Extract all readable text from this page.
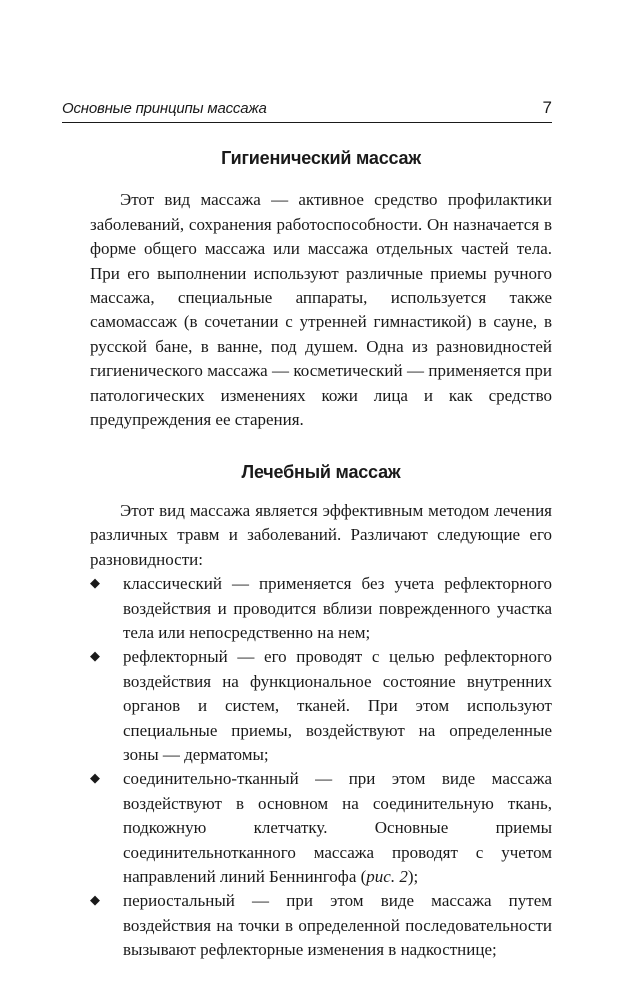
Основные принципы массажа	7
Гигиенический массаж

Этот вид массажа — активное средство профилактики заболеваний, сохранения работоспособности. Он назначается в форме общего массажа или массажа отдельных частей тела. При его выполнении используют различные приемы ручного массажа, специальные аппараты, используется также самомассаж (в сочетании с утренней гимнастикой) в сауне, в русской бане, в ванне, под душем. Одна из разновидностей гигиенического массажа — косметический — применяется при патологических изменениях кожи лица и как средство предупреждения ее старения.

Лечебный массаж

Этот вид массажа является эффективным методом лечения различных травм и заболеваний. Различают следующие его разновидности:

◆ классический — применяется без учета рефлекторного воздействия и проводится вблизи поврежденного участка тела или непосредственно на нем;
◆ рефлекторный — его проводят с целью рефлекторного воздействия на функциональное состояние внутренних органов и систем, тканей. При этом используют специальные приемы, воздействуют на определенные зоны — дерматомы;
◆ соединительно-тканный — при этом виде массажа воздействуют в основном на соединительную ткань, подкожную клетчатку. Основные приемы соединительнотканного массажа проводят с учетом направлений линий Беннингофа (рис. 2);
◆ периостальный — при этом виде массажа путем воздействия на точки в определенной последовательности вызывают рефлекторные изменения в надкостнице;
